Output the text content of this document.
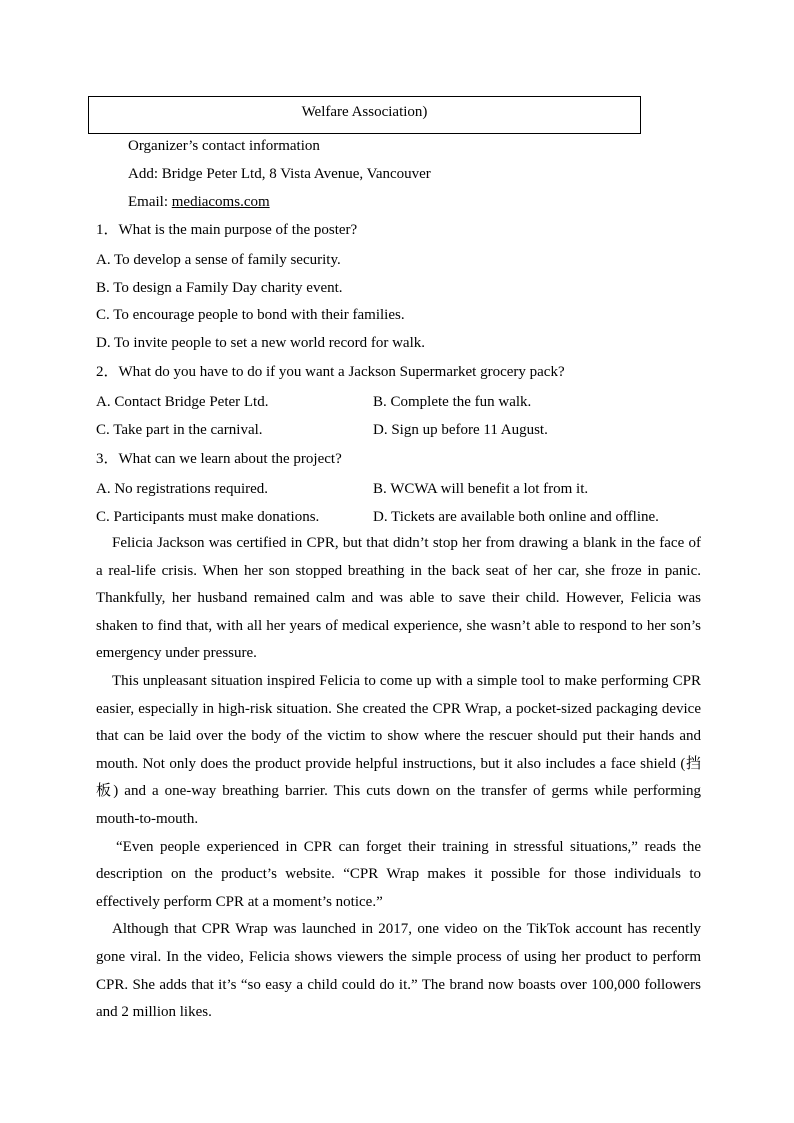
Welfare Association)
Organizer’s contact information
Add: Bridge Peter Ltd, 8 Vista Avenue, Vancouver
Email: mediacoms.com
1．What is the main purpose of the poster?
A. To develop a sense of family security.
B. To design a Family Day charity event.
C. To encourage people to bond with their families.
D. To invite people to set a new world record for walk.
2．What do you have to do if you want a Jackson Supermarket grocery pack?
A. Contact Bridge Peter Ltd.	B. Complete the fun walk.
C. Take part in the carnival.	D. Sign up before 11 August.
3．What can we learn about the project?
A. No registrations required.	B. WCWA will benefit a lot from it.
C. Participants must make donations.	D. Tickets are available both online and offline.

Felicia Jackson was certified in CPR, but that didn’t stop her from drawing a blank in the face of a real-life crisis. When her son stopped breathing in the back seat of her car, she froze in panic. Thankfully, her husband remained calm and was able to save their child. However, Felicia was shaken to find that, with all her years of medical experience, she wasn’t able to respond to her son’s emergency under pressure.

This unpleasant situation inspired Felicia to come up with a simple tool to make performing CPR easier, especially in high-risk situation. She created the CPR Wrap, a pocket-sized packaging device that can be laid over the body of the victim to show where the rescuer should put their hands and mouth. Not only does the product provide helpful instructions, but it also includes a face shield (挡板) and a one-way breathing barrier. This cuts down on the transfer of germs while performing mouth-to-mouth.

“Even people experienced in CPR can forget their training in stressful situations,” reads the description on the product’s website. “CPR Wrap makes it possible for those individuals to effectively perform CPR at a moment’s notice.”

Although that CPR Wrap was launched in 2017, one video on the TikTok account has recently gone viral. In the video, Felicia shows viewers the simple process of using her product to perform CPR. She adds that it’s “so easy a child could do it.” The brand now boasts over 100,000 followers and 2 million likes.
